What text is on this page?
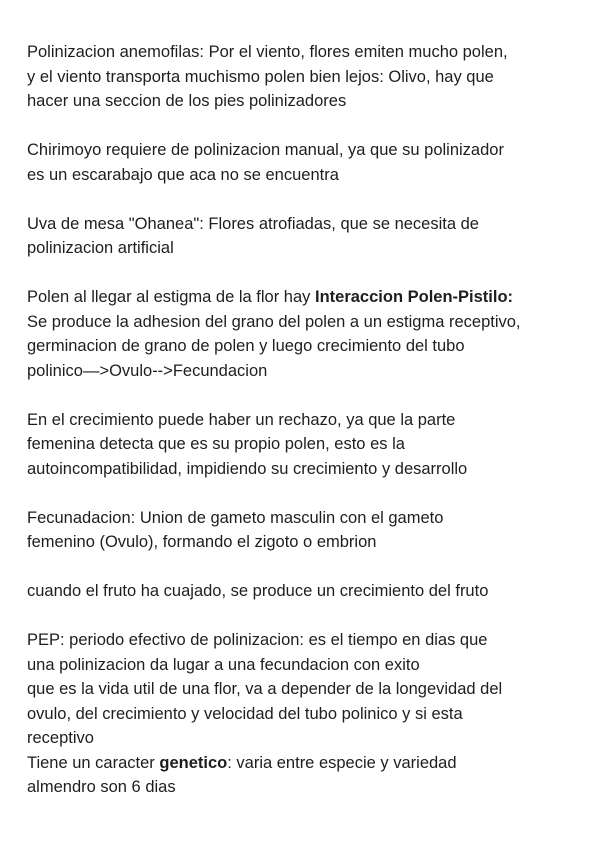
Polinizacion anemofilas: Por el viento, flores emiten mucho polen,
y el viento transporta muchismo polen bien lejos: Olivo, hay que
hacer una seccion de los pies polinizadores

Chirimoyo requiere de polinizacion manual, ya que su polinizador
es un escarabajo que aca no se encuentra

Uva de mesa "Ohanea": Flores atrofiadas, que se necesita de
polinizacion artificial

Polen al llegar al estigma de la flor hay Interaccion Polen-Pistilo:
Se produce la adhesion del grano del polen a un estigma receptivo,
germinacion de grano de polen y luego crecimiento del tubo
polinico—>Ovulo-->Fecundacion

En el crecimiento puede haber un rechazo, ya que la parte
femenina detecta que es su propio polen, esto es la
autoincompatibilidad, impidiendo su crecimiento y desarrollo

Fecunadacion: Union de gameto masculin con el gameto
femenino (Ovulo), formando el zigoto o embrion

cuando el fruto ha cuajado, se produce un crecimiento del fruto

PEP: periodo efectivo de polinizacion: es el tiempo en dias que
una polinizacion da lugar a una fecundacion con exito
que es la vida util de una flor, va a depender de la longevidad del
ovulo, del crecimiento y velocidad del tubo polinico y si esta
receptivo
Tiene un caracter genetico: varia entre especie y variedad
almendro son 6 dias
